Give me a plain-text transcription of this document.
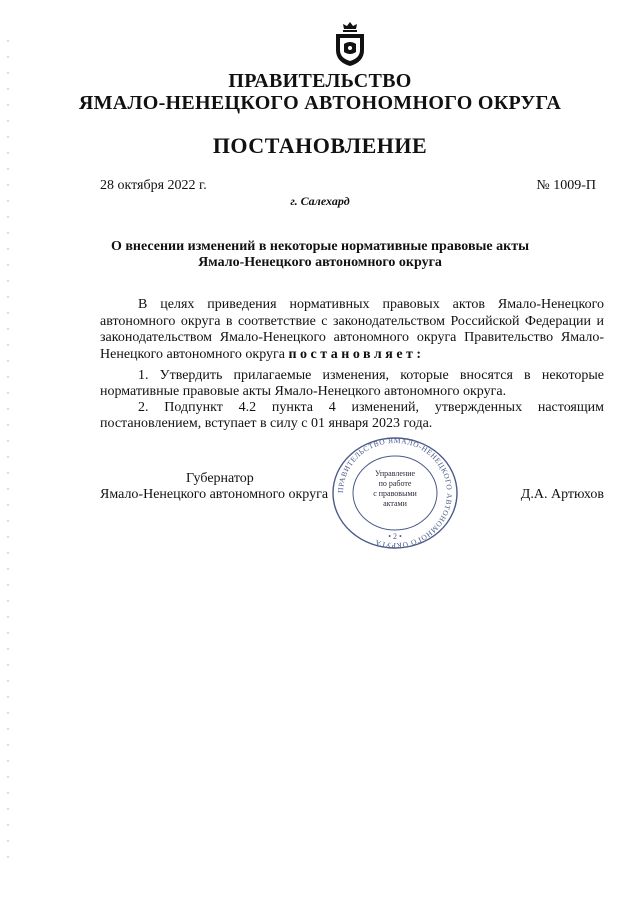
ПРАВИТЕЛЬСТВО
ЯМАЛО-НЕНЕЦКОГО АВТОНОМНОГО ОКРУГА
ПОСТАНОВЛЕНИЕ
28 октября 2022 г.	№ 1009-П
г. Салехард
О внесении изменений в некоторые нормативные правовые акты
Ямало-Ненецкого автономного округа
В целях приведения нормативных правовых актов Ямало-Ненецкого автономного округа в соответствие с законодательством Российской Федерации и законодательством Ямало-Ненецкого автономного округа Правительство Ямало-Ненецкого автономного округа постановляет:
1. Утвердить прилагаемые изменения, которые вносятся в некоторые нормативные правовые акты Ямало-Ненецкого автономного округа.
2. Подпункт 4.2 пункта 4 изменений, утвержденных настоящим постановлением, вступает в силу с 01 января 2023 года.
Губернатор
Ямало-Ненецкого автономного округа	Д.А. Артюхов
ПРАВИТЕЛЬСТВО ЯМАЛО-НЕНЕЦКОГО АВТОНОМНОГО ОКРУГА
Управление
по работе
с правовыми
актами
• 2 •
